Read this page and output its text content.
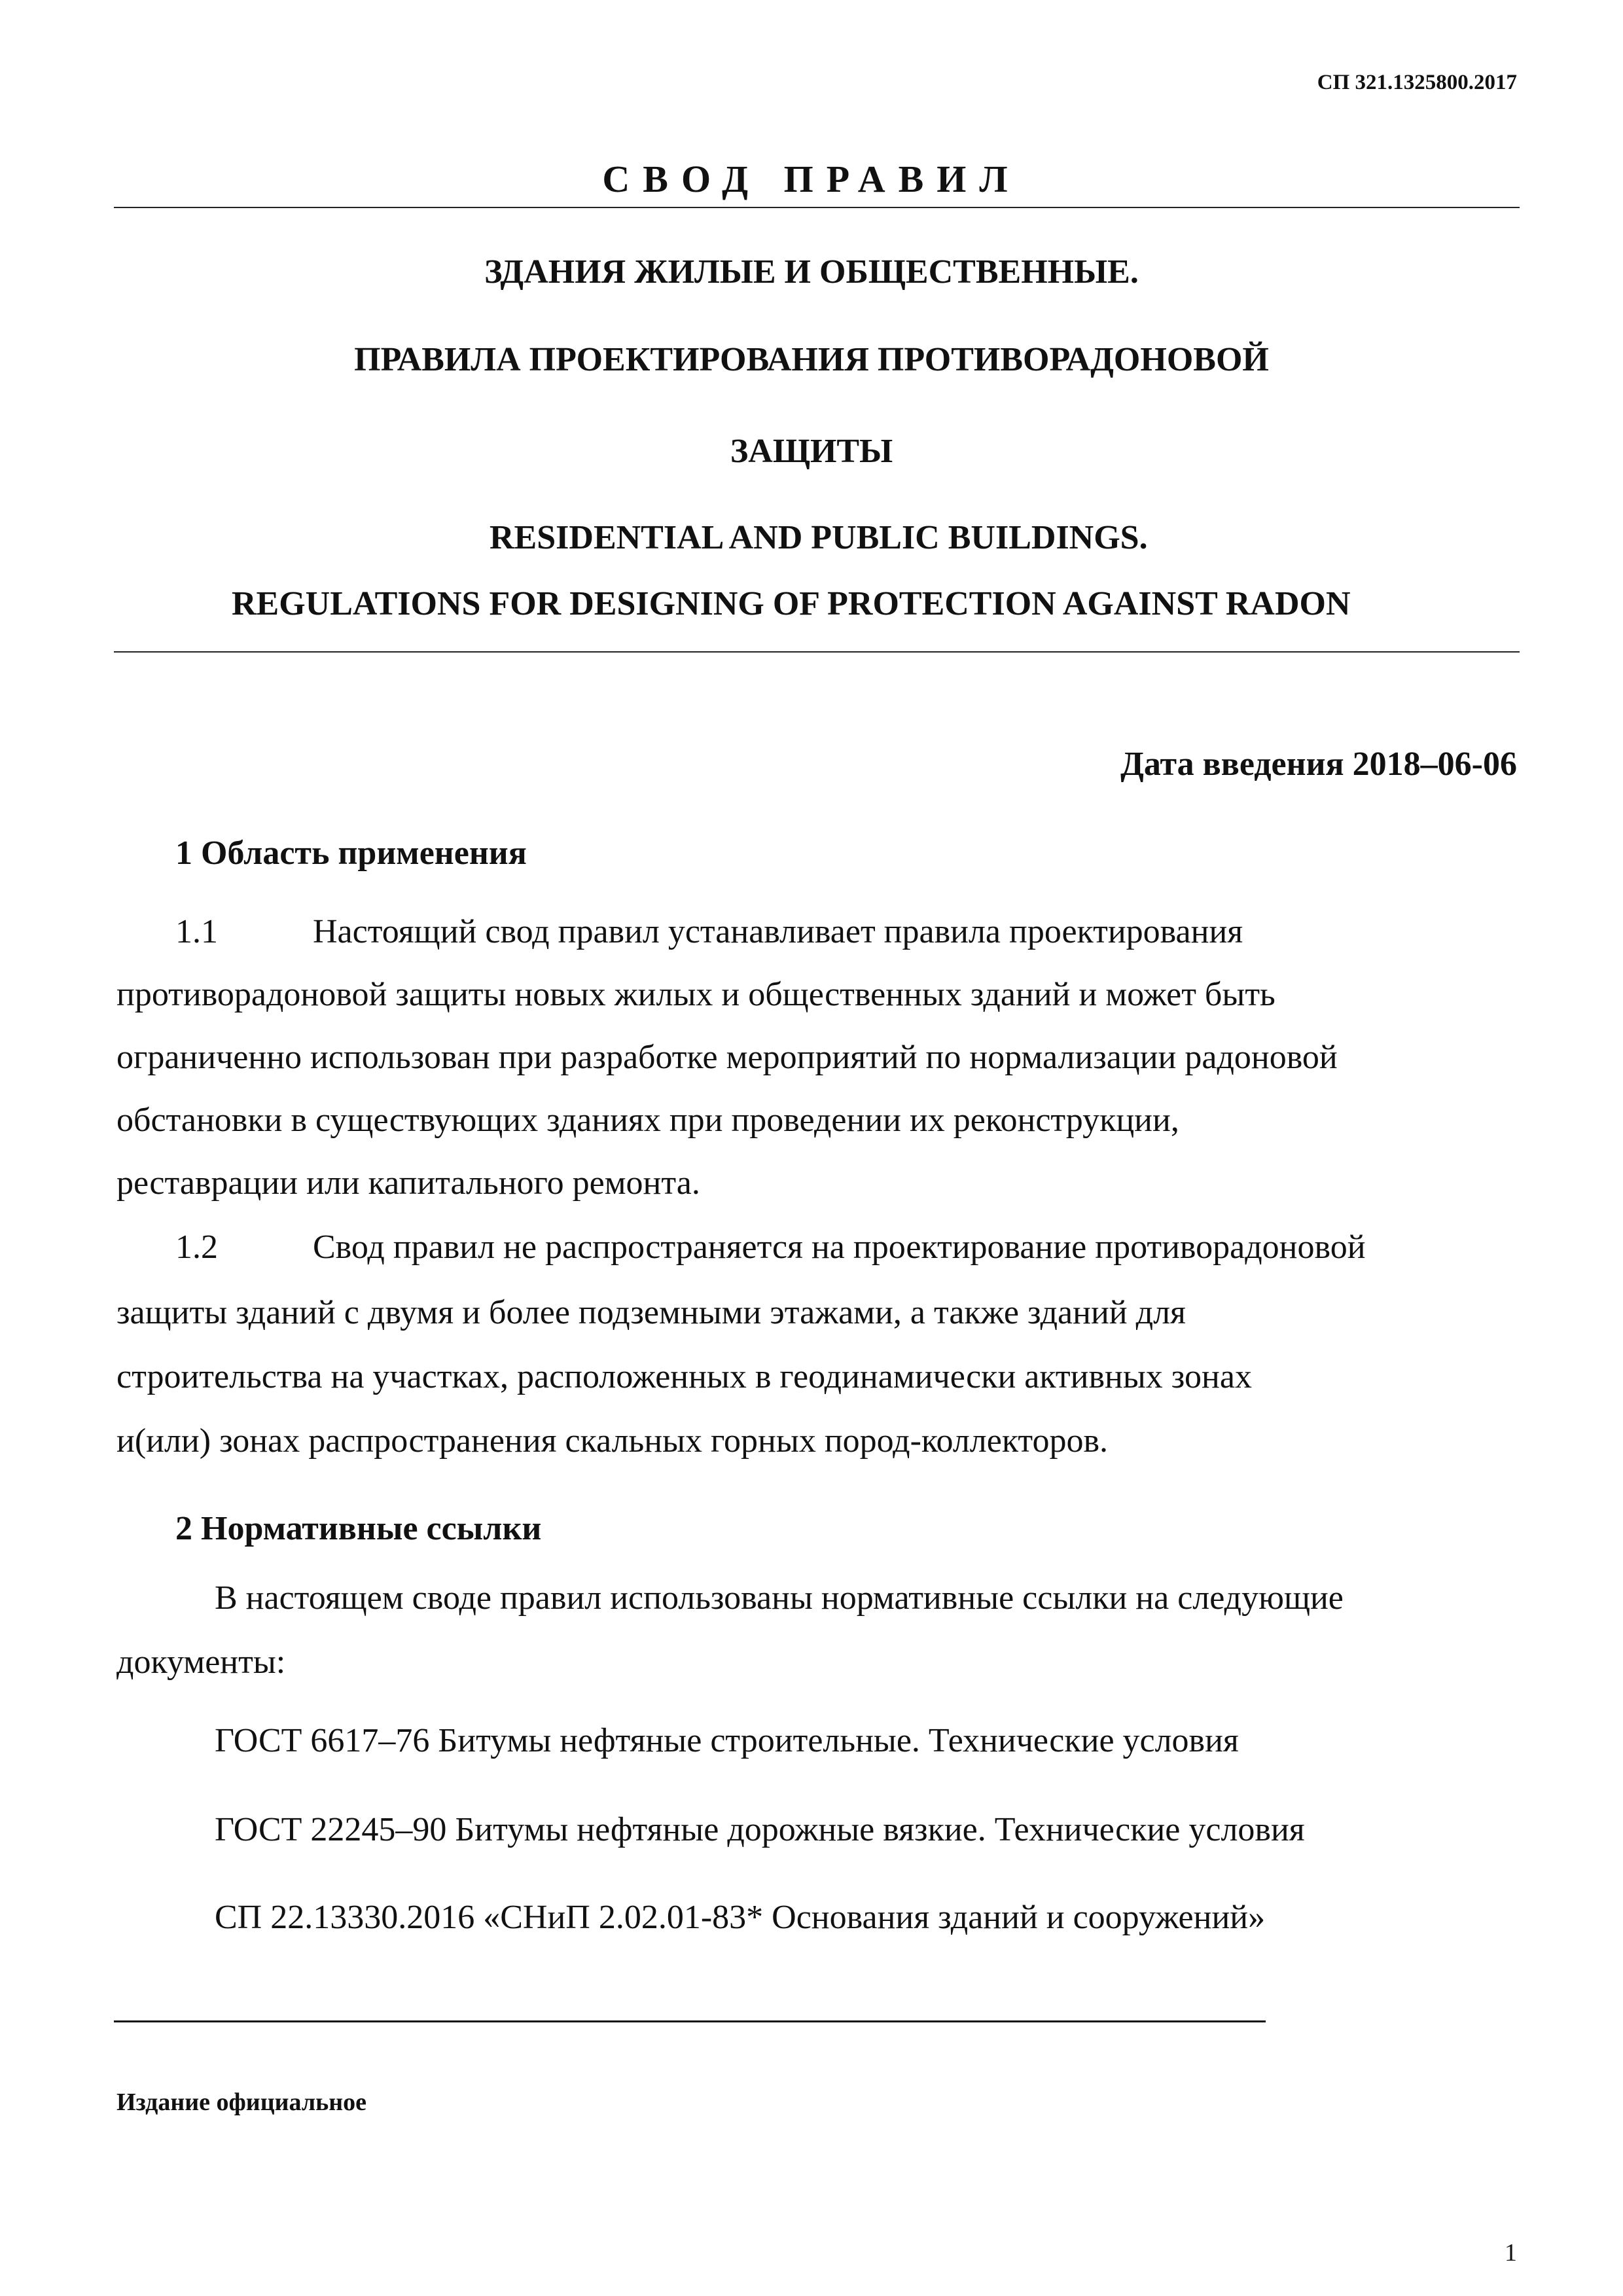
СП 321.1325800.2017
СВОД ПРАВИЛ
ЗДАНИЯ ЖИЛЫЕ И ОБЩЕСТВЕННЫЕ.
ПРАВИЛА ПРОЕКТИРОВАНИЯ ПРОТИВОРАДОНОВОЙ
ЗАЩИТЫ
RESIDENTIAL AND PUBLIC BUILDINGS.
REGULATIONS FOR DESIGNING OF PROTECTION AGAINST RADON
Дата введения 2018–06-06
1 Область применения
1.1	Настоящий свод правил устанавливает правила проектирования
противорадоновой защиты новых жилых и общественных зданий и может быть
ограниченно использован при разработке мероприятий по нормализации радоновой
обстановки в существующих зданиях при проведении их реконструкции,
реставрации или капитального ремонта.
1.2	Свод правил не распространяется на проектирование противорадоновой
защиты зданий с двумя и более подземными этажами, а также зданий для
строительства на участках, расположенных в геодинамически активных зонах
и(или) зонах распространения скальных горных пород-коллекторов.
2 Нормативные ссылки
В настоящем своде правил использованы нормативные ссылки на следующие
документы:
ГОСТ 6617–76 Битумы нефтяные строительные. Технические условия
ГОСТ 22245–90 Битумы нефтяные дорожные вязкие. Технические условия
СП 22.13330.2016 «СНиП 2.02.01-83* Основания зданий и сооружений»
Издание официальное
1
